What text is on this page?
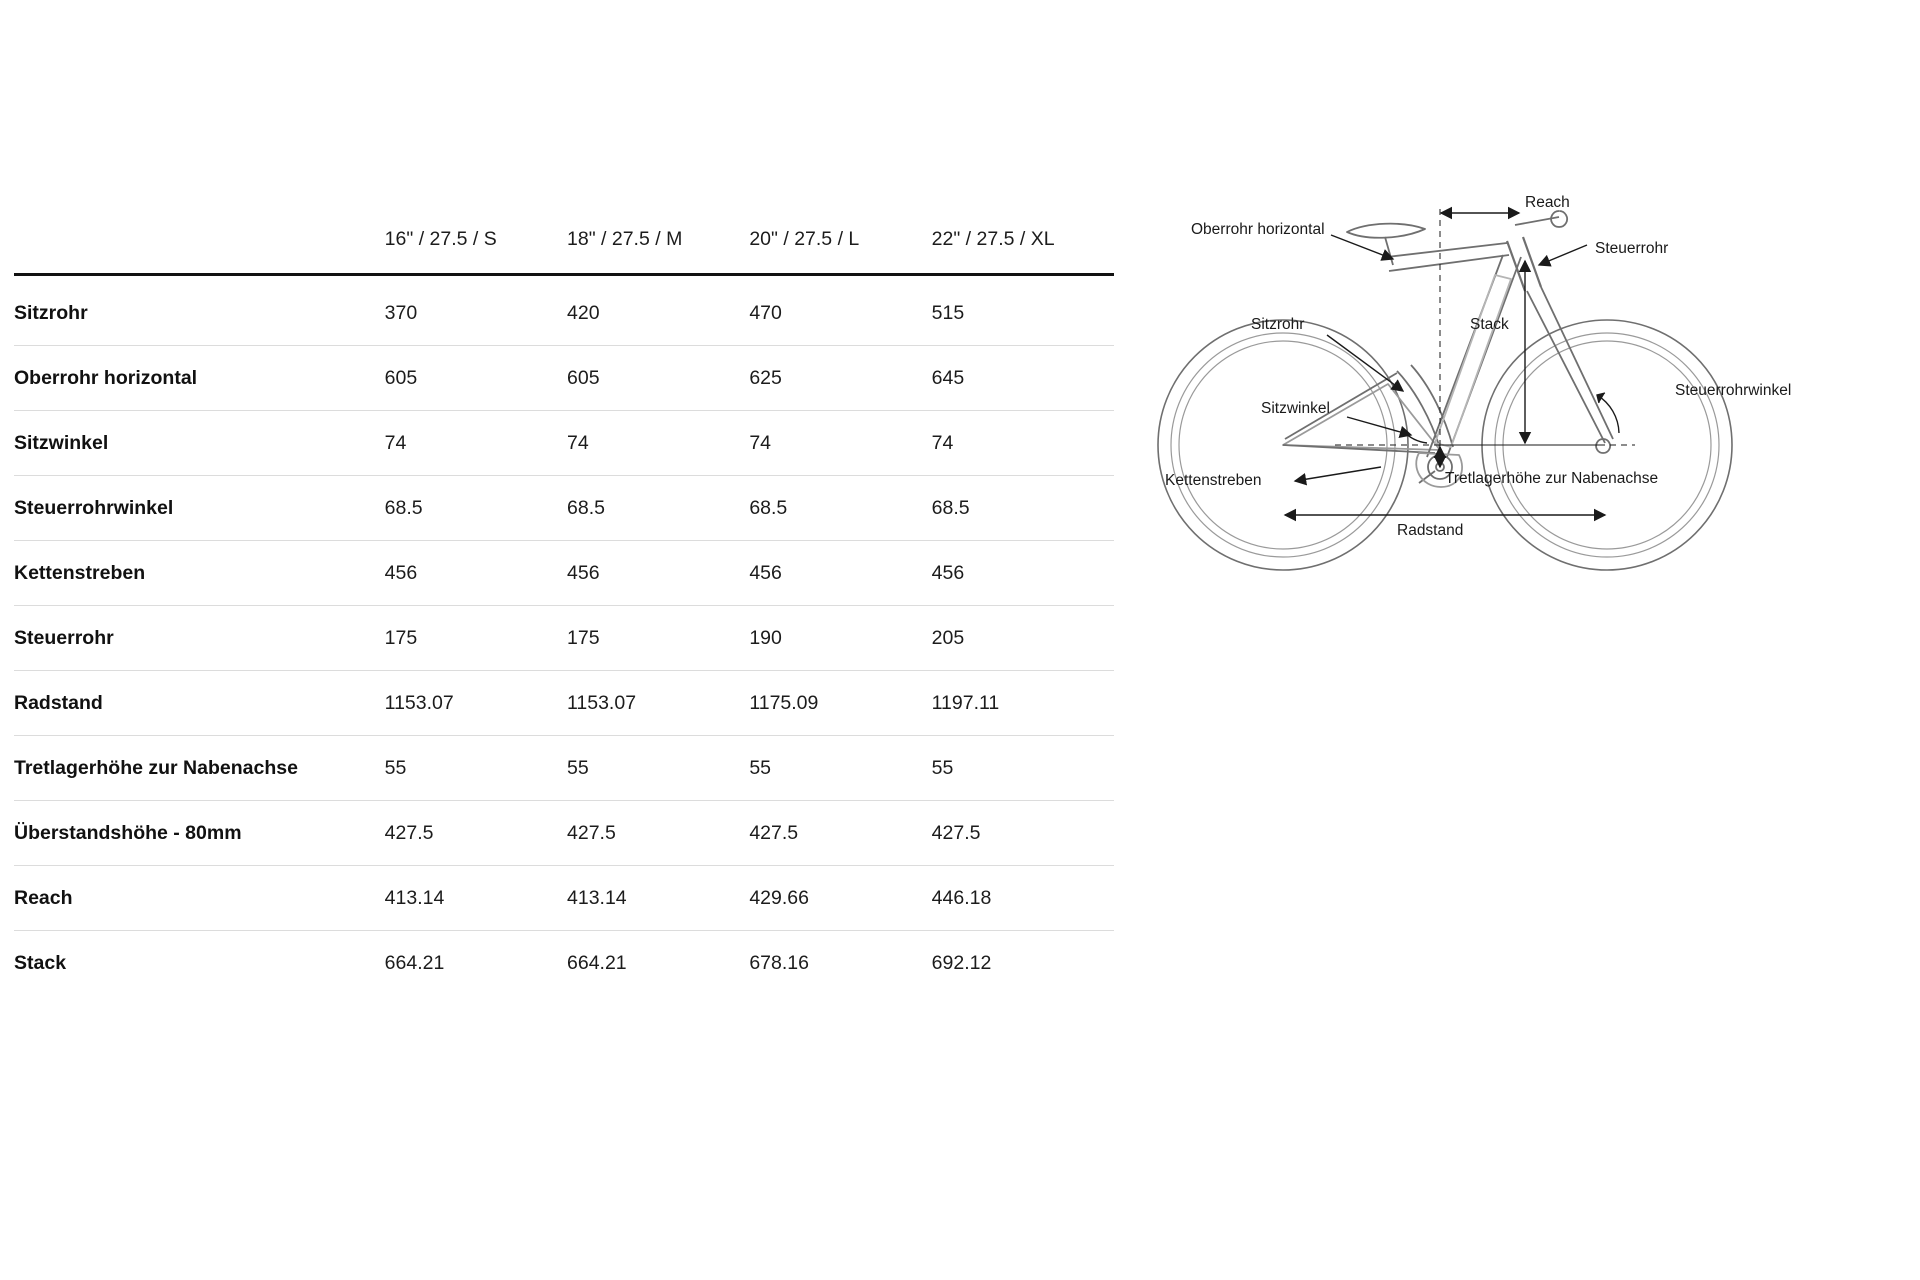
	16" / 27.5 / S	18" / 27.5 / M	20" / 27.5 / L	22" / 27.5 / XL
Sitzrohr	370	420	470	515
Oberrohr horizontal	605	605	625	645
Sitzwinkel	74	74	74	74
Steuerrohrwinkel	68.5	68.5	68.5	68.5
Kettenstreben	456	456	456	456
Steuerrohr	175	175	190	205
Radstand	1153.07	1153.07	1175.09	1197.11
Tretlagerhöhe zur Nabenachse	55	55	55	55
Überstandshöhe - 80mm	427.5	427.5	427.5	427.5
Reach	413.14	413.14	429.66	446.18
Stack	664.21	664.21	678.16	692.12
Reach
Oberrohr horizontal
Steuerrohr
Sitzrohr	Stack
Steuerrohrwinkel
Sitzwinkel
Kettenstreben	Tretlagerhöhe zur Nabenachse
Radstand
